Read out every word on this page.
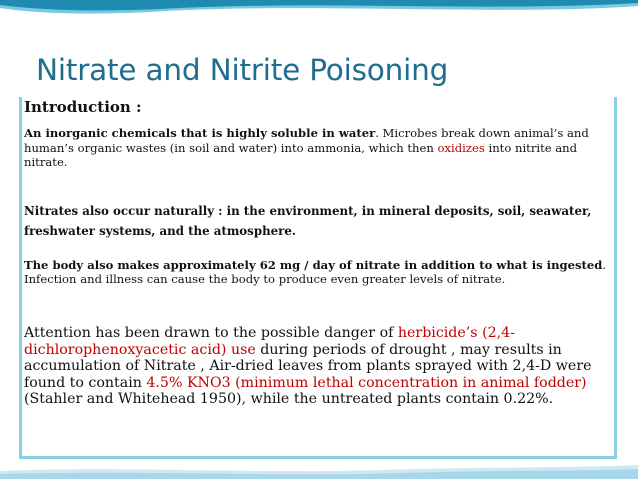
Nitrate and Nitrite Poisoning
Introduction :
An inorganic chemicals that is highly soluble in water. Microbes break down animal’s and human’s organic wastes (in soil and water) into ammonia, which then oxidizes into nitrite and nitrate.
Nitrates also occur naturally : in the environment, in mineral deposits, soil, seawater, freshwater systems, and the atmosphere.
The body also makes approximately 62 mg / day of nitrate in addition to what is ingested. Infection and illness can cause the body to produce even greater levels of nitrate.
Attention has been drawn to the possible danger of herbicide’s (2,4-dichlorophenoxyacetic acid) use during periods of drought , may results in accumulation of Nitrate , Air-dried leaves from plants sprayed with 2,4-D were found to contain 4.5% KNO3 (minimum lethal concentration in animal fodder) (Stahler and Whitehead 1950), while the untreated plants contain 0.22%.
